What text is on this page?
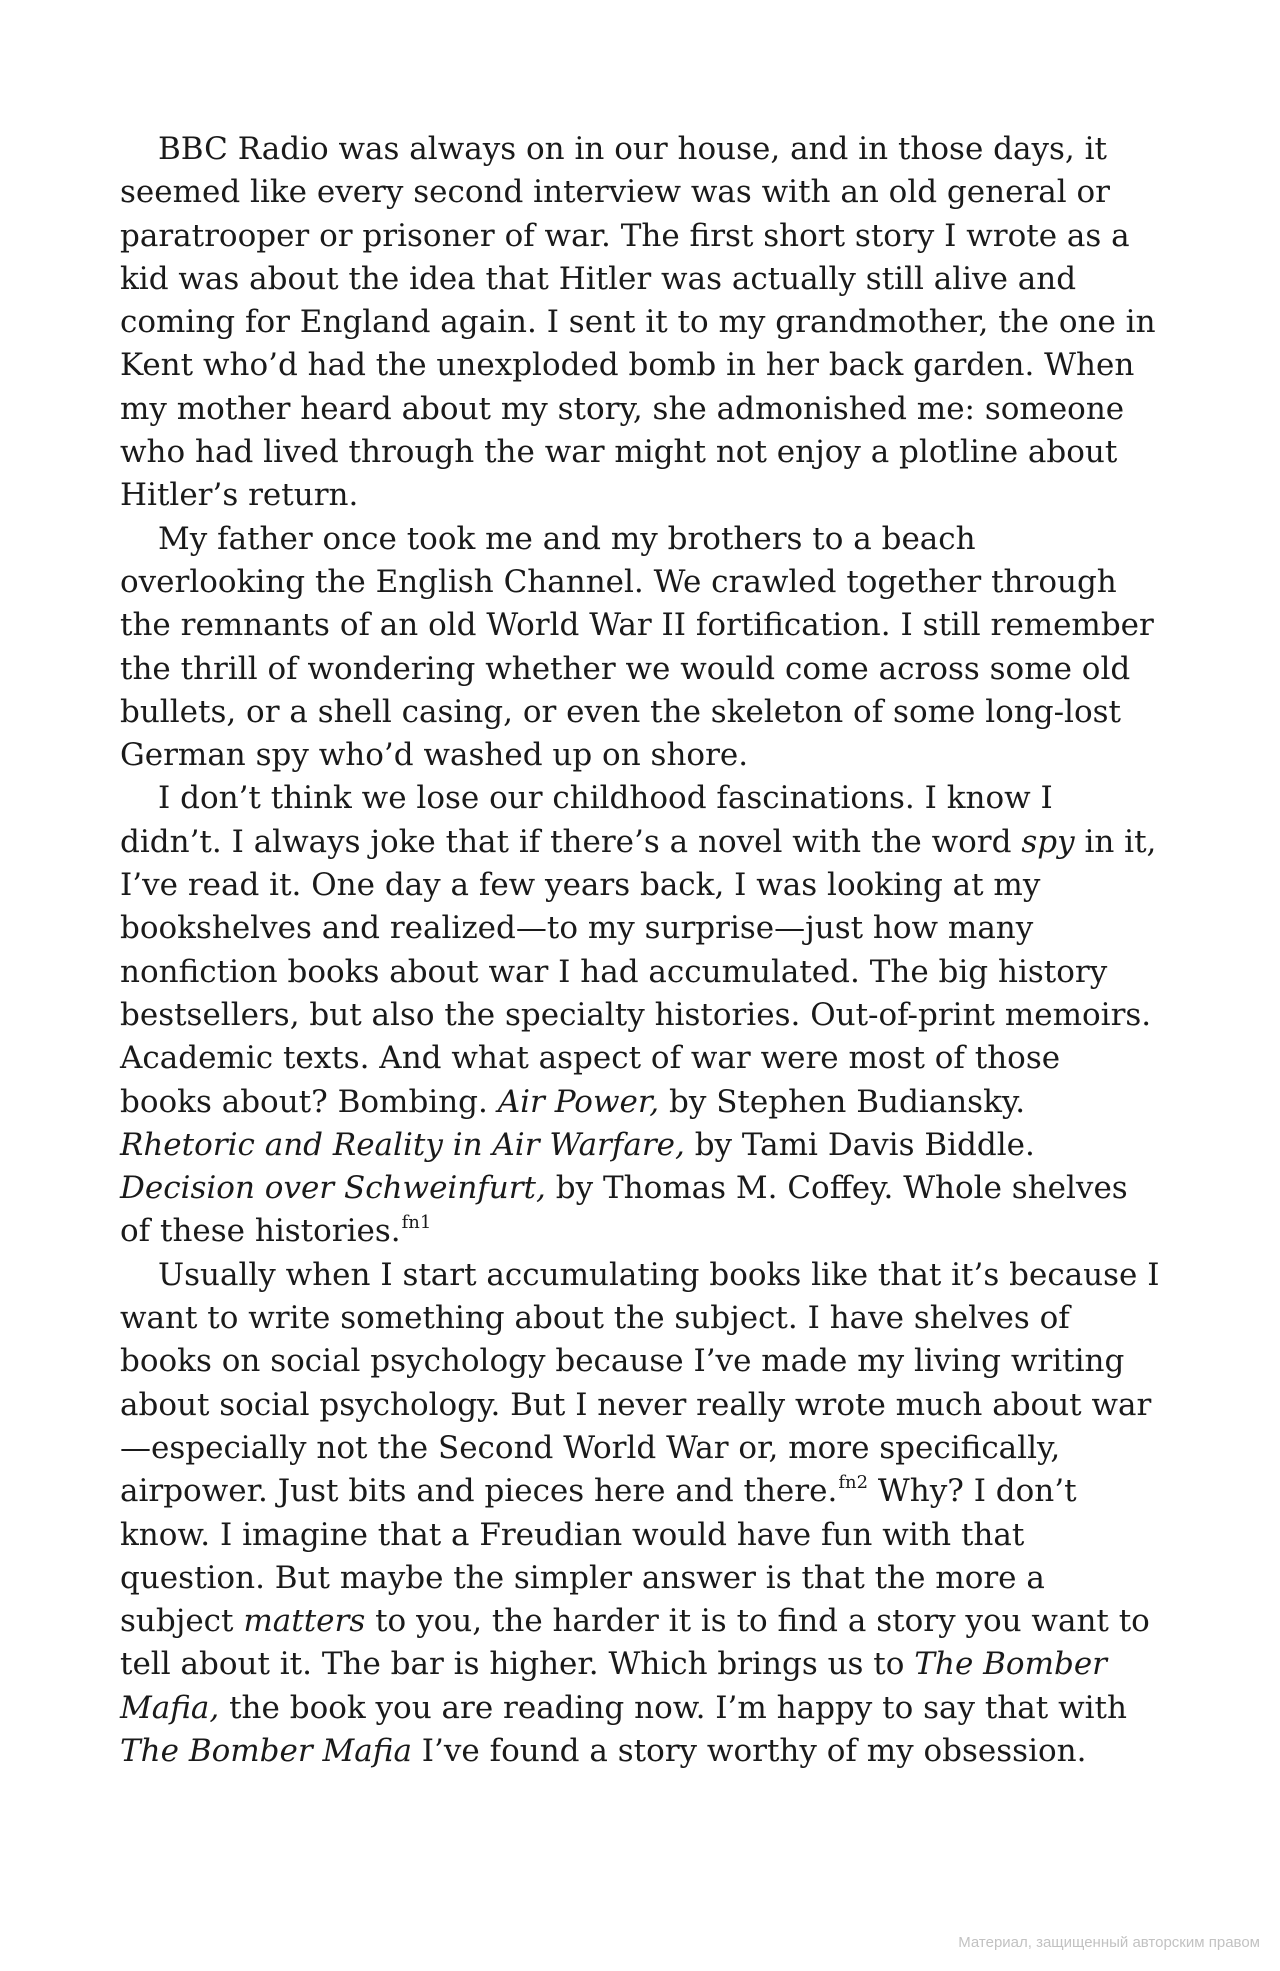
BBC Radio was always on in our house, and in those days, it seemed like every second interview was with an old general or paratrooper or prisoner of war. The first short story I wrote as a kid was about the idea that Hitler was actually still alive and coming for England again. I sent it to my grandmother, the one in Kent who’d had the unexploded bomb in her back garden. When my mother heard about my story, she admonished me: someone who had lived through the war might not enjoy a plotline about Hitler’s return.

My father once took me and my brothers to a beach overlooking the English Channel. We crawled together through the remnants of an old World War II fortification. I still remember the thrill of wondering whether we would come across some old bullets, or a shell casing, or even the skeleton of some long-lost German spy who’d washed up on shore.

I don’t think we lose our childhood fascinations. I know I didn’t. I always joke that if there’s a novel with the word spy in it, I’ve read it. One day a few years back, I was looking at my bookshelves and realized—to my surprise—just how many nonfiction books about war I had accumulated. The big history bestsellers, but also the specialty histories. Out-of-print memoirs. Academic texts. And what aspect of war were most of those books about? Bombing. Air Power, by Stephen Budiansky. Rhetoric and Reality in Air Warfare, by Tami Davis Biddle. Decision over Schweinfurt, by Thomas M. Coffey. Whole shelves of these histories.$^{fn1}$

Usually when I start accumulating books like that it’s because I want to write something about the subject. I have shelves of books on social psychology because I’ve made my living writing about social psychology. But I never really wrote much about war —especially not the Second World War or, more specifically, airpower. Just bits and pieces here and there.$^{fn2}$ Why? I don’t know. I imagine that a Freudian would have fun with that question. But maybe the simpler answer is that the more a subject matters to you, the harder it is to find a story you want to tell about it. The bar is higher. Which brings us to The Bomber Mafia, the book you are reading now. I’m happy to say that with The Bomber Mafia I’ve found a story worthy of my obsession.

Материал, защищенный авторским правом
